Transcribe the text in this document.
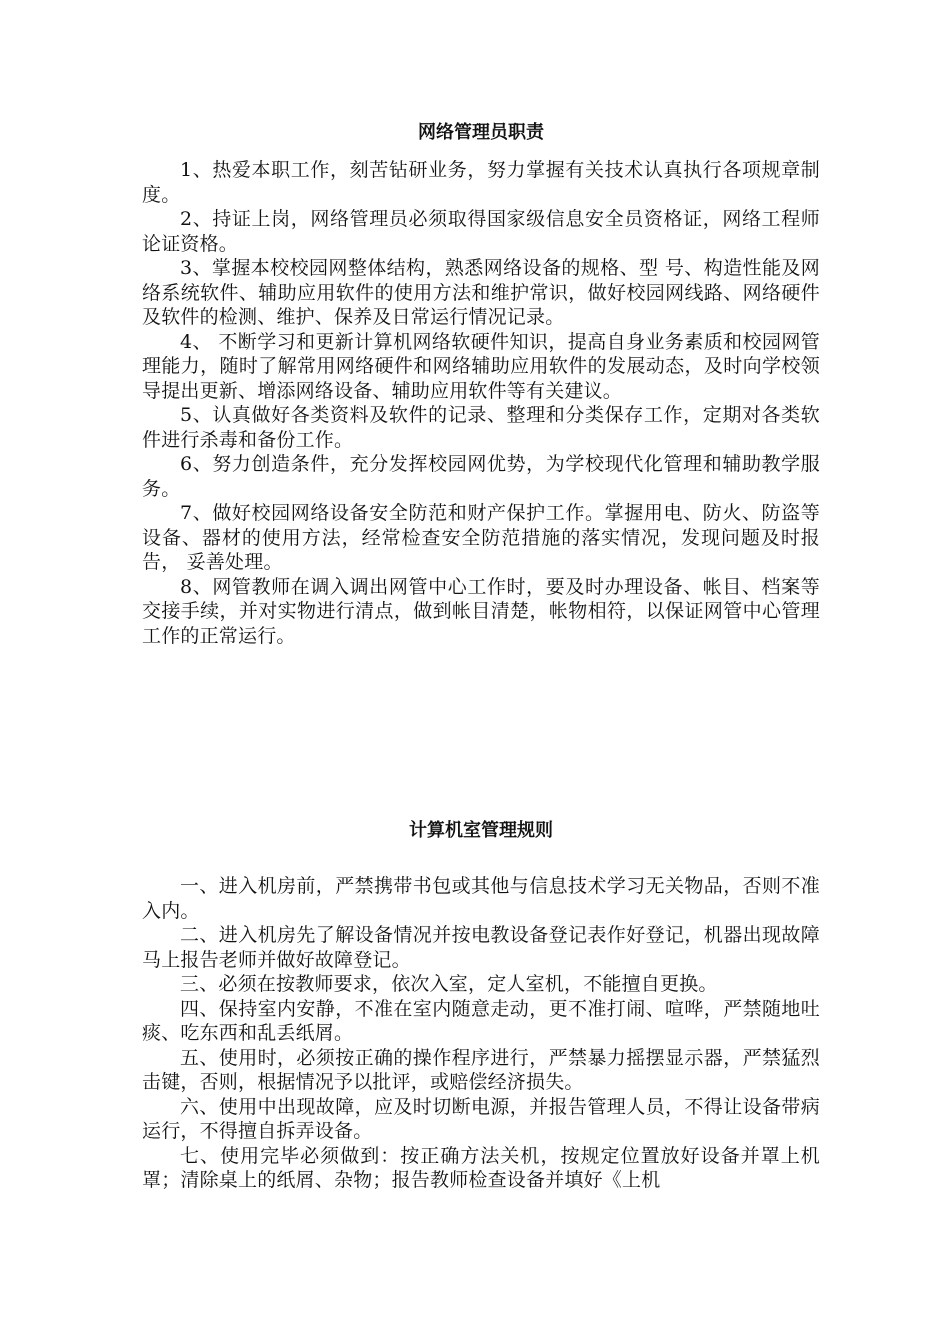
网络管理员职责

1、热爱本职工作，刻苦钻研业务，努力掌握有关技术认真执行各项规章制度。

2、持证上岗，网络管理员必须取得国家级信息安全员资格证，网络工程师论证资格。

3、掌握本校校园网整体结构，熟悉网络设备的规格、型 号、构造性能及网络系统软件、辅助应用软件的使用方法和维护常识，做好校园网线路、网络硬件及软件的检测、维护、保养及日常运行情况记录。

4、 不断学习和更新计算机网络软硬件知识，提高自身业务素质和校园网管理能力，随时了解常用网络硬件和网络辅助应用软件的发展动态，及时向学校领导提出更新、增添网络设备、辅助应用软件等有关建议。

5、认真做好各类资料及软件的记录、整理和分类保存工作，定期对各类软件进行杀毒和备份工作。

6、努力创造条件，充分发挥校园网优势，为学校现代化管理和辅助教学服务。

7、做好校园网络设备安全防范和财产保护工作。掌握用电、防火、防盗等设备、器材的使用方法，经常检查安全防范措施的落实情况，发现问题及时报告， 妥善处理。

8、网管教师在调入调出网管中心工作时，要及时办理设备、帐目、档案等交接手续，并对实物进行清点，做到帐目清楚，帐物相符，以保证网管中心管理工作的正常运行。

计算机室管理规则

一、进入机房前，严禁携带书包或其他与信息技术学习无关物品，否则不准入内。

二、进入机房先了解设备情况并按电教设备登记表作好登记，机器出现故障马上报告老师并做好故障登记。

三、必须在按教师要求，依次入室，定人室机，不能擅自更换。

四、保持室内安静，不准在室内随意走动，更不准打闹、喧哗，严禁随地吐痰、吃东西和乱丢纸屑。

五、使用时，必须按正确的操作程序进行，严禁暴力摇摆显示器，严禁猛烈击键，否则，根据情况予以批评，或赔偿经济损失。

六、使用中出现故障，应及时切断电源，并报告管理人员，不得让设备带病运行，不得擅自拆弄设备。

七、使用完毕必须做到：按正确方法关机，按规定位置放好设备并罩上机罩；清除桌上的纸屑、杂物；报告教师检查设备并填好《上机
